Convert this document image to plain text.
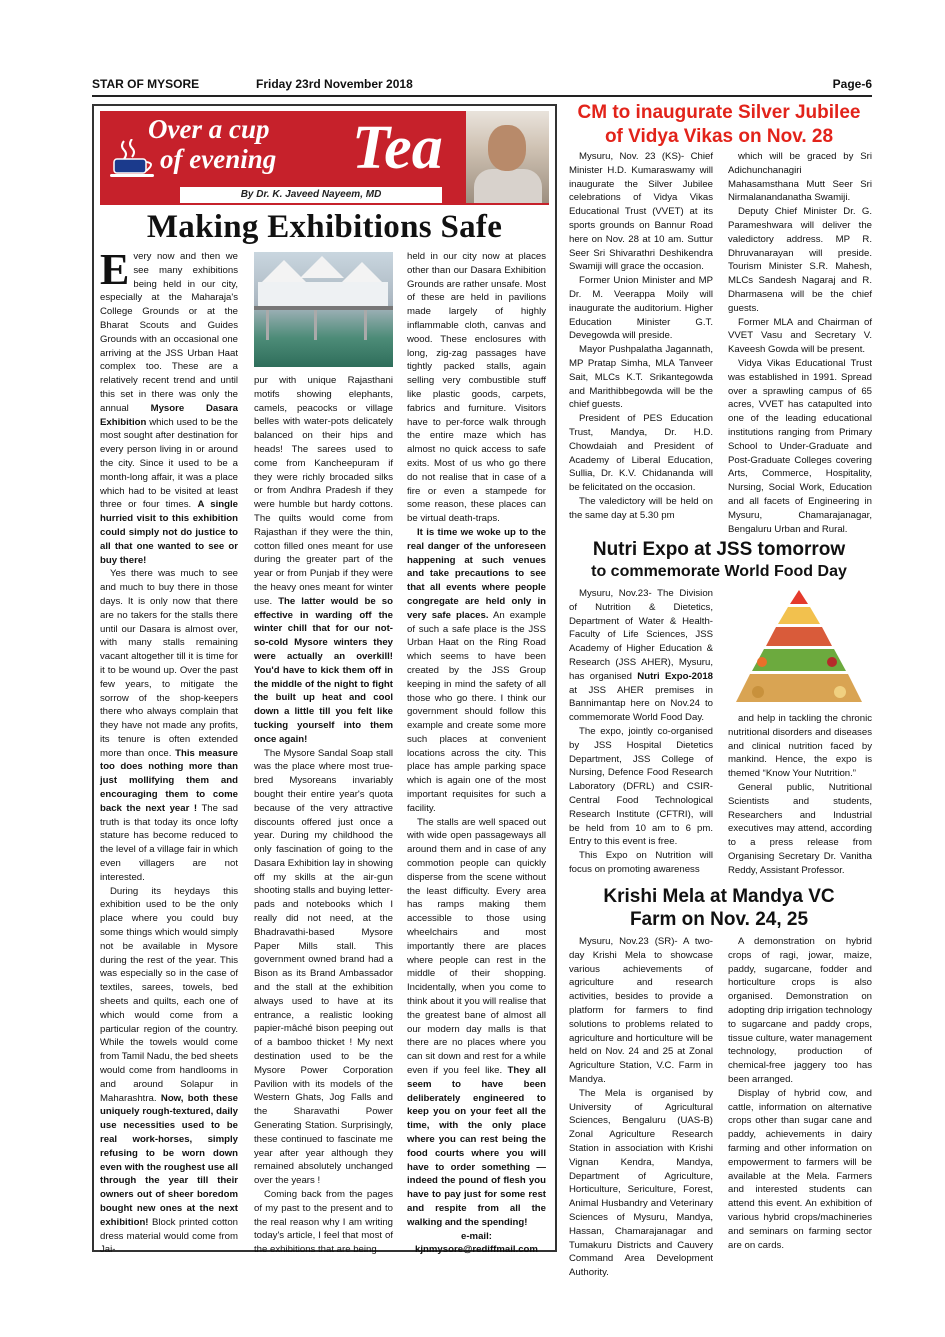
STAR OF MYSORE	Friday 23rd November 2018	Page-6
Over a cup
of evening Tea
By Dr. K. Javeed Nayeem, MD
Making Exhibitions Safe

Every now and then we see many exhibitions being held in our city, especially at the Maharaja's College Grounds or at the Bharat Scouts and Guides Grounds with an occasional one arriving at the JSS Urban Haat complex too. These are a relatively recent trend and until this set in there was only the annual Mysore Dasara Exhibition which used to be the most sought after destination for every person living in or around the city. Since it used to be a month-long affair, it was a place which had to be visited at least three or four times. A single hurried visit to this exhibition could simply not do justice to all that one wanted to see or buy there!

Yes there was much to see and much to buy there in those days. It is only now that there are no takers for the stalls there until our Dasara is almost over, with many stalls remaining vacant altogether till it is time for it to be wound up. Over the past few years, to mitigate the sorrow of the shop-keepers there who always complain that they have not made any profits, its tenure is often extended more than once. This measure too does nothing more than just mollifying them and encouraging them to come back the next year ! The sad truth is that today its once lofty stature has become reduced to the level of a village fair in which even villagers are not interested.

During its heydays this exhibition used to be the only place where you could buy some things which would simply not be available in Mysore during the rest of the year. This was especially so in the case of textiles, sarees, towels, bed sheets and quilts, each one of which would come from a particular region of the country. While the towels would come from Tamil Nadu, the bed sheets would come from handlooms in and around Solapur in Maharashtra. Now, both these uniquely rough-textured, daily use necessities used to be real work-horses, simply refusing to be worn down even with the roughest use all through the year till their owners out of sheer boredom bought new ones at the next exhibition! Block printed cotton dress material would come from Jai-

pur with unique Rajasthani motifs showing elephants, camels, peacocks or village belles with water-pots delicately balanced on their hips and heads! The sarees used to come from Kancheepuram if they were richly brocaded silks or from Andhra Pradesh if they were humble but hardy cottons. The quilts would come from Rajasthan if they were the thin, cotton filled ones meant for use during the greater part of the year or from Punjab if they were the heavy ones meant for winter use. The latter would be so effective in warding off the winter chill that for our not-so-cold Mysore winters they were actually an overkill! You'd have to kick them off in the middle of the night to fight the built up heat and cool down a little till you felt like tucking yourself into them once again!

The Mysore Sandal Soap stall was the place where most true-bred Mysoreans invariably bought their entire year's quota because of the very attractive discounts offered just once a year. During my childhood the only fascination of going to the Dasara Exhibition lay in showing off my skills at the air-gun shooting stalls and buying letter-pads and notebooks which I really did not need, at the Bhadravathi-based Mysore Paper Mills stall. This government owned brand had a Bison as its Brand Ambassador and the stall at the exhibition always used to have at its entrance, a realistic looking papier-mâché bison peeping out of a bamboo thicket ! My next destination used to be the Mysore Power Corporation Pavilion with its models of the Western Ghats, Jog Falls and the Sharavathi Power Generating Station. Surprisingly, these continued to fascinate me year after year although they remained absolutely unchanged over the years !

Coming back from the pages of my past to the present and to the real reason why I am writing today's article, I feel that most of the exhibitions that are being

held in our city now at places other than our Dasara Exhibition Grounds are rather unsafe. Most of these are held in pavilions made largely of highly inflammable cloth, canvas and wood. These enclosures with long, zig-zag passages have tightly packed stalls, again selling very combustible stuff like plastic goods, carpets, fabrics and furniture. Visitors have to per-force walk through the entire maze which has almost no quick access to safe exits. Most of us who go there do not realise that in case of a fire or even a stampede for some reason, these places can be virtual death-traps.

It is time we woke up to the real danger of the unforeseen happening at such venues and take precautions to see that all events where people congregate are held only in very safe places. An example of such a safe place is the JSS Urban Haat on the Ring Road which seems to have been created by the JSS Group keeping in mind the safety of all those who go there. I think our government should follow this example and create some more such places at convenient locations across the city. This place has ample parking space which is again one of the most important requisites for such a facility.

The stalls are well spaced out with wide open passageways all around them and in case of any commotion people can quickly disperse from the scene without the least difficulty. Every area has ramps making them accessible to those using wheelchairs and most importantly there are places where people can rest in the middle of their shopping. Incidentally, when you come to think about it you will realise that the greatest bane of almost all our modern day malls is that there are no places where you can sit down and rest for a while even if you feel like. They all seem to have been deliberately engineered to keep you on your feet all the time, with the only place where you can rest being the food courts where you will have to order something — indeed the pound of flesh you have to pay just for some rest and respite from all the walking and the spending!

e-mail:

kjnmysore@rediffmail.com

CM to inaugurate Silver Jubilee
of Vidya Vikas on Nov. 28

Mysuru, Nov. 23 (KS)- Chief Minister H.D. Kumaraswamy will inaugurate the Silver Jubilee celebrations of Vidya Vikas Educational Trust (VVET) at its sports grounds on Bannur Road here on Nov. 28 at 10 am. Suttur Seer Sri Shivarathri Deshikendra Swamiji will grace the occasion.

Former Union Minister and MP Dr. M. Veerappa Moily will inaugurate the auditorium. Higher Education Minister G.T. Devegowda will preside.

Mayor Pushpalatha Jagannath, MP Pratap Simha, MLA Tanveer Sait, MLCs K.T. Srikantegowda and Marithibbegowda will be the chief guests.

President of PES Education Trust, Mandya, Dr. H.D. Chowdaiah and President of Academy of Liberal Education, Sullia, Dr. K.V. Chidananda will be felicitated on the occasion.

The valedictory will be held on the same day at 5.30 pm

which will be graced by Sri Adichunchanagiri Mahasamsthana Mutt Seer Sri Nirmalanandanatha Swamiji.

Deputy Chief Minister Dr. G. Parameshwara will deliver the valedictory address. MP R. Dhruvanarayan will preside. Tourism Minister S.R. Mahesh, MLCs Sandesh Nagaraj and R. Dharmasena will be the chief guests.

Former MLA and Chairman of VVET Vasu and Secretary V. Kaveesh Gowda will be present.

Vidya Vikas Educational Trust was established in 1991. Spread over a sprawling campus of 65 acres, VVET has catapulted into one of the leading educational institutions ranging from Primary School to Under-Graduate and Post-Graduate Colleges covering Arts, Commerce, Hospitality, Nursing, Social Work, Education and all facets of Engineering in Mysuru, Chamarajanagar, Bengaluru Urban and Rural.

Nutri Expo at JSS tomorrow
to commemorate World Food Day

Mysuru, Nov.23- The Division of Nutrition & Dietetics, Department of Water & Health-Faculty of Life Sciences, JSS Academy of Higher Education & Research (JSS AHER), Mysuru, has organised Nutri Expo-2018 at JSS AHER premises in Bannimantap here on Nov.24 to commemorate World Food Day.

The expo, jointly co-organised by JSS Hospital Dietetics Department, JSS College of Nursing, Defence Food Research Laboratory (DFRL) and CSIR-Central Food Technological Research Institute (CFTRI), will be held from 10 am to 6 pm. Entry to this event is free.

This Expo on Nutrition will focus on promoting awareness

and help in tackling the chronic nutritional disorders and diseases and clinical nutrition faced by mankind. Hence, the expo is themed “Know Your Nutrition.”

General public, Nutritional Scientists and students, Researchers and Industrial executives may attend, according to a press release from Organising Secretary Dr. Vanitha Reddy, Assistant Professor.

Krishi Mela at Mandya VC
Farm on Nov. 24, 25

Mysuru, Nov.23 (SR)- A two-day Krishi Mela to showcase various achievements of agriculture and research activities, besides to provide a platform for farmers to find solutions to problems related to agriculture and horticulture will be held on Nov. 24 and 25 at Zonal Agriculture Station, V.C. Farm in Mandya.

The Mela is organised by University of Agricultural Sciences, Bengaluru (UAS-B) Zonal Agriculture Research Station in association with Krishi Vignan Kendra, Mandya, Department of Agriculture, Horticulture, Sericulture, Forest, Animal Husbandry and Veterinary Sciences of Mysuru, Mandya, Hassan, Chamarajanagar and Tumakuru Districts and Cauvery Command Area Development Authority.

A demonstration on hybrid crops of ragi, jowar, maize, paddy, sugarcane, fodder and horticulture crops is also organised. Demonstration on adopting drip irrigation technology to sugarcane and paddy crops, tissue culture, water management technology, production of chemical-free jaggery too has been arranged.

Display of hybrid cow, and cattle, information on alternative crops other than sugar cane and paddy, achievements in dairy farming and other information on empowerment to farmers will be available at the Mela. Farmers and interested students can attend this event. An exhibition of various hybrid crops/machineries and seminars on farming sector are on cards.
